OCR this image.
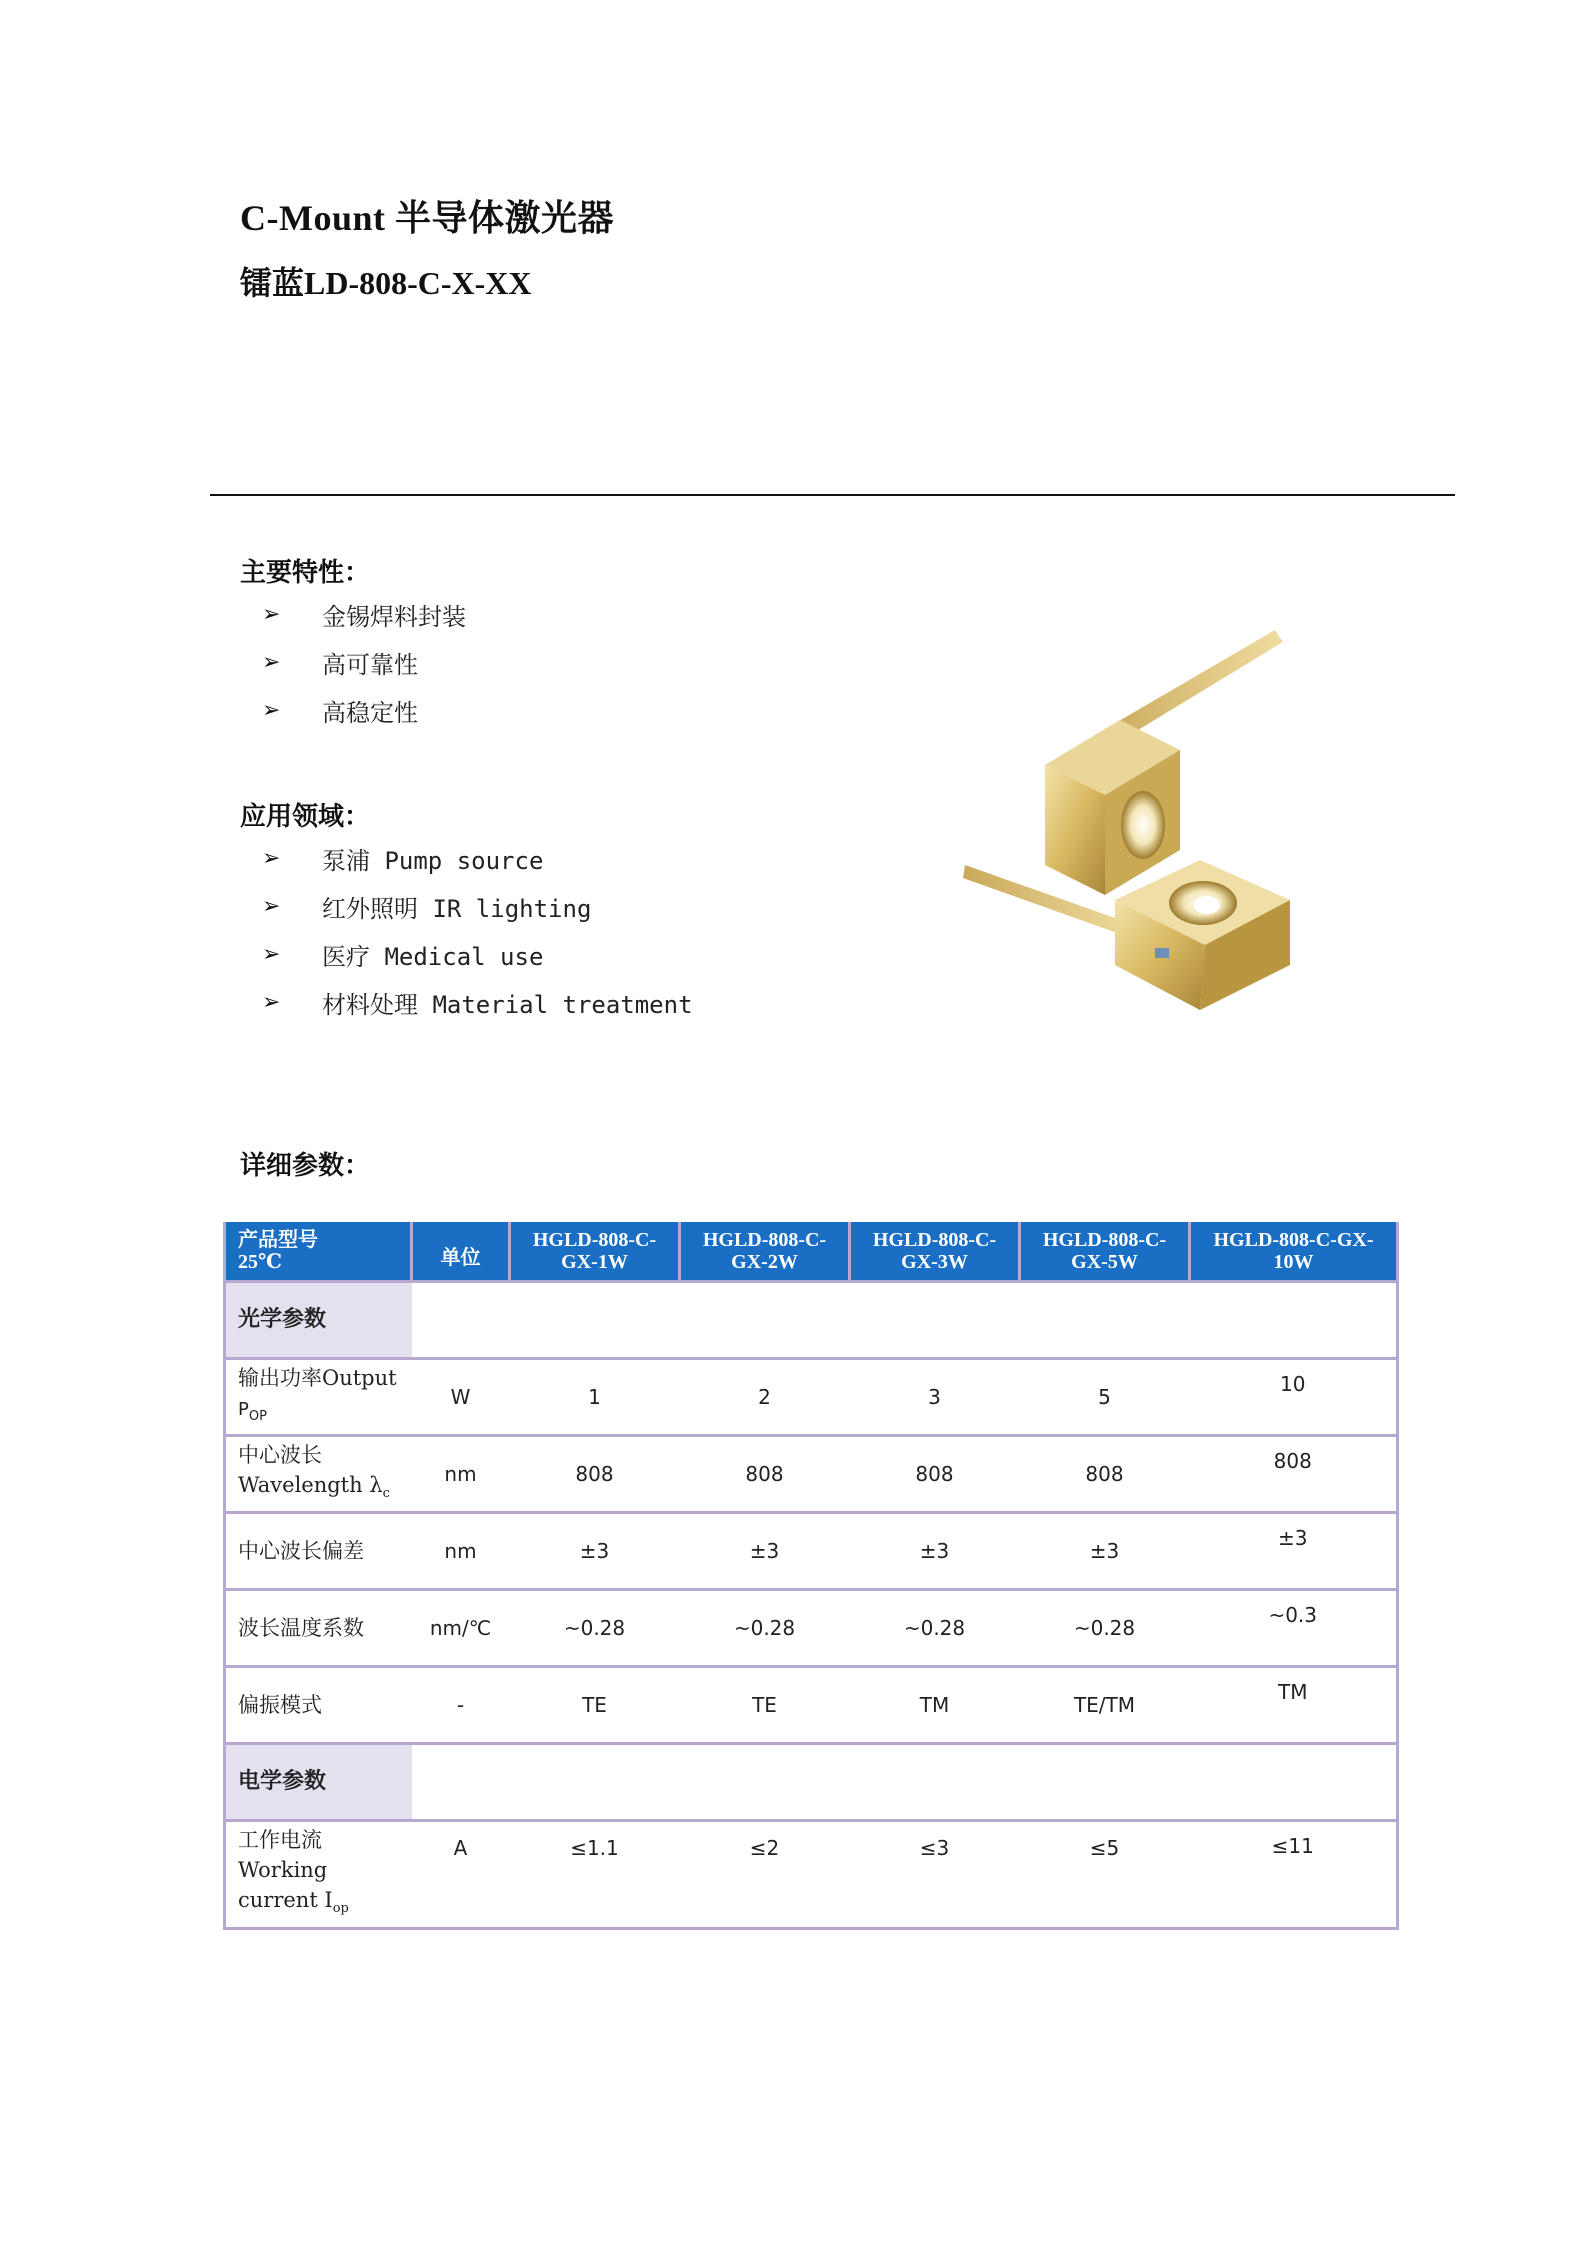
C-Mount 半导体激光器
镭蓝LD-808-C-X-XX
主要特性：
➢	金锡焊料封装
➢	高可靠性
➢	高稳定性
应用领域：
➢	泵浦 Pump source
➢	红外照明 IR lighting
➢	医疗 Medical use
➢	材料处理 Material treatment
详细参数：
产品型号
25℃	单位	HGLD-808-C-GX-1W	HGLD-808-C-GX-2W	HGLD-808-C-GX-3W	HGLD-808-C-GX-5W	HGLD-808-C-GX-10W
光学参数						
输出功率Output
$P_{OP}$	W	1	2	3	5	10
中心波长
Wavelength $\lambda_c$	nm	808	808	808	808	808
中心波长偏差	nm	±3	±3	±3	±3	±3
波长温度系数	nm/℃	~0.28	~0.28	~0.28	~0.28	~0.3
偏振模式	-	TE	TE	TM	TE/TM	TM
电学参数						
工作电流
Working
current $I_{op}$	A	≤1.1	≤2	≤3	≤5	≤11
